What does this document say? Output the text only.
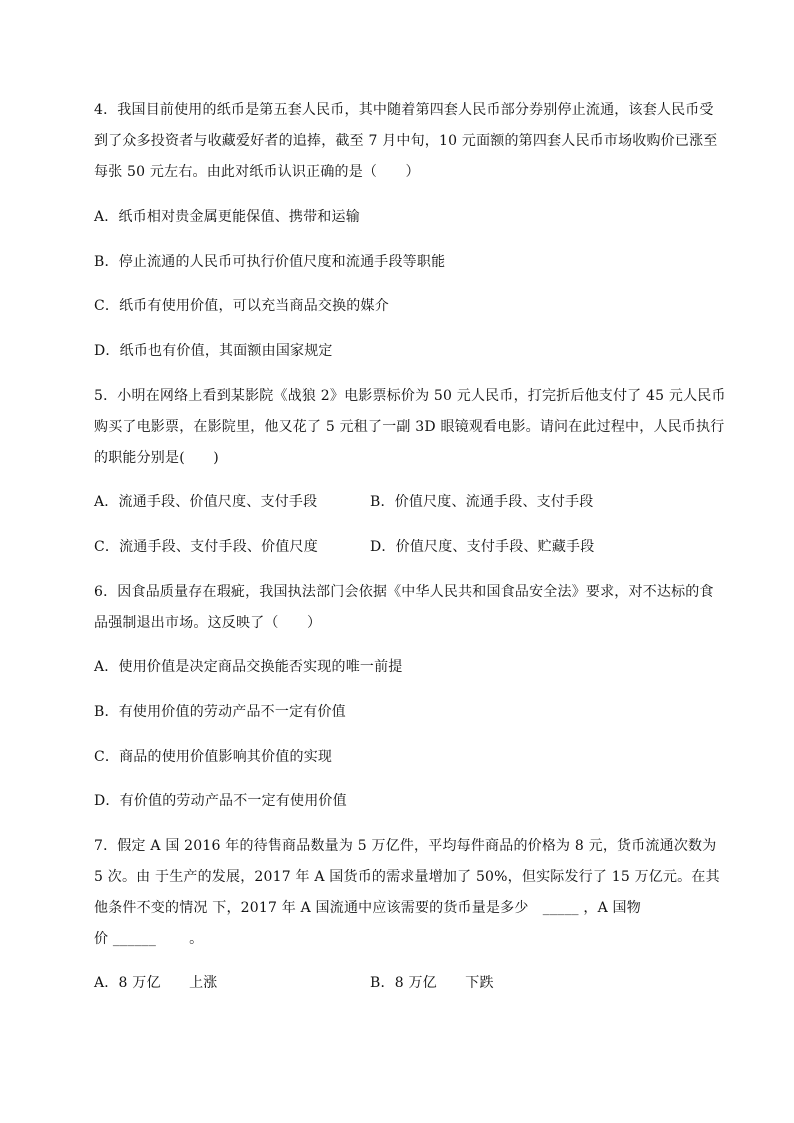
4．我国目前使用的纸币是第五套人民币，其中随着第四套人民币部分券别停止流通，该套人民币受
到了众多投资者与收藏爱好者的追捧，截至 7 月中旬，10 元面额的第四套人民币市场收购价已涨至
每张 50 元左右。由此对纸币认识正确的是（　　）
A．纸币相对贵金属更能保值、携带和运输
B．停止流通的人民币可执行价值尺度和流通手段等职能
C．纸币有使用价值，可以充当商品交换的媒介
D．纸币也有价值，其面额由国家规定
5．小明在网络上看到某影院《战狼 2》电影票标价为 50 元人民币，打完折后他支付了 45 元人民币
购买了电影票，在影院里，他又花了 5 元租了一副 3D 眼镜观看电影。请问在此过程中，人民币执行
的职能分别是(　　)
A．流通手段、价值尺度、支付手段	B．价值尺度、流通手段、支付手段
C．流通手段、支付手段、价值尺度	D．价值尺度、支付手段、贮藏手段
6．因食品质量存在瑕疵，我国执法部门会依据《中华人民共和国食品安全法》要求，对不达标的食
品强制退出市场。这反映了（　　）
A．使用价值是决定商品交换能否实现的唯一前提
B．有使用价值的劳动产品不一定有价值
C．商品的使用价值影响其价值的实现
D．有价值的劳动产品不一定有使用价值
7．假定 A 国 2016 年的待售商品数量为 5 万亿件，平均每件商品的价格为 8 元，货币流通次数为
5 次。由 于生产的发展，2017 年 A 国货币的需求量增加了 50%，但实际发行了 15 万亿元。在其
他条件不变的情况 下，2017 年 A 国流通中应该需要的货币量是多少　_____ ，A 国物
价 ______　　 。
A．8 万亿　　上涨	B．8 万亿　　下跌
